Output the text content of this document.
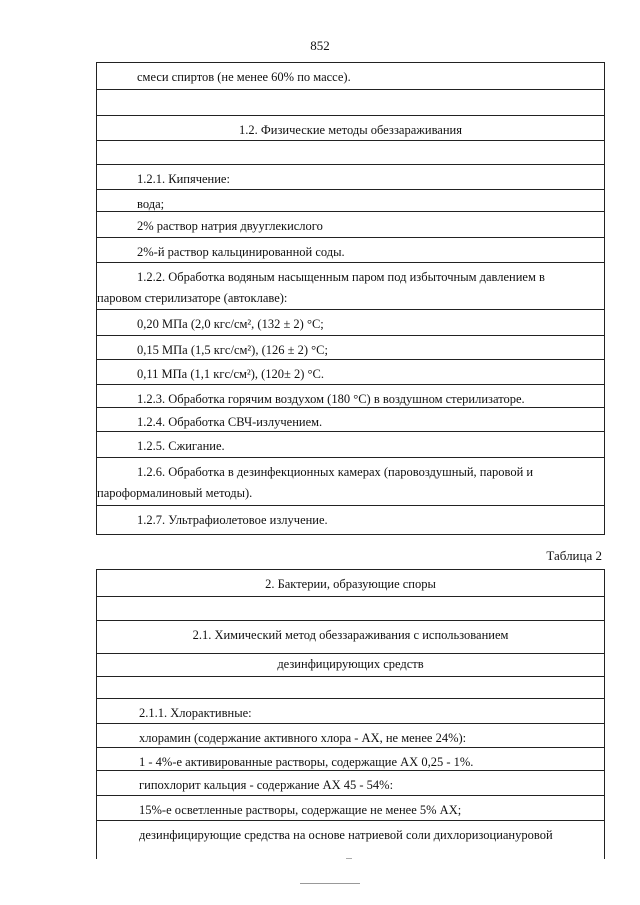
852
смеси спиртов (не менее 60% по массе).
1.2. Физические методы обеззараживания
1.2.1. Кипячение:
вода;
2% раствор натрия двууглекислого
2%-й раствор кальцинированной соды.
1.2.2. Обработка водяным насыщенным паром под избыточным давлением в
паровом стерилизаторе (автоклаве):
0,20 МПа (2,0 кгс/см², (132 ± 2) °С;
0,15 МПа (1,5 кгс/см²), (126 ± 2) °С;
0,11 МПа (1,1 кгс/см²), (120± 2) °С.
1.2.3. Обработка горячим воздухом (180 °С) в воздушном стерилизаторе.
1.2.4. Обработка СВЧ-излучением.
1.2.5. Сжигание.
1.2.6. Обработка в дезинфекционных камерах (паровоздушный, паровой и
пароформалиновый методы).
1.2.7. Ультрафиолетовое излучение.
Таблица 2
2. Бактерии, образующие споры
2.1. Химический метод обеззараживания с использованием
дезинфицирующих средств
2.1.1. Хлорактивные:
хлорамин (содержание активного хлора - АХ, не менее 24%):
1 - 4%-е активированные растворы, содержащие АХ 0,25 - 1%.
гипохлорит кальция - содержание АХ 45 - 54%:
15%-е осветленные растворы, содержащие не менее 5% АХ;
дезинфицирующие средства на основе натриевой соли дихлоризоциануровой
